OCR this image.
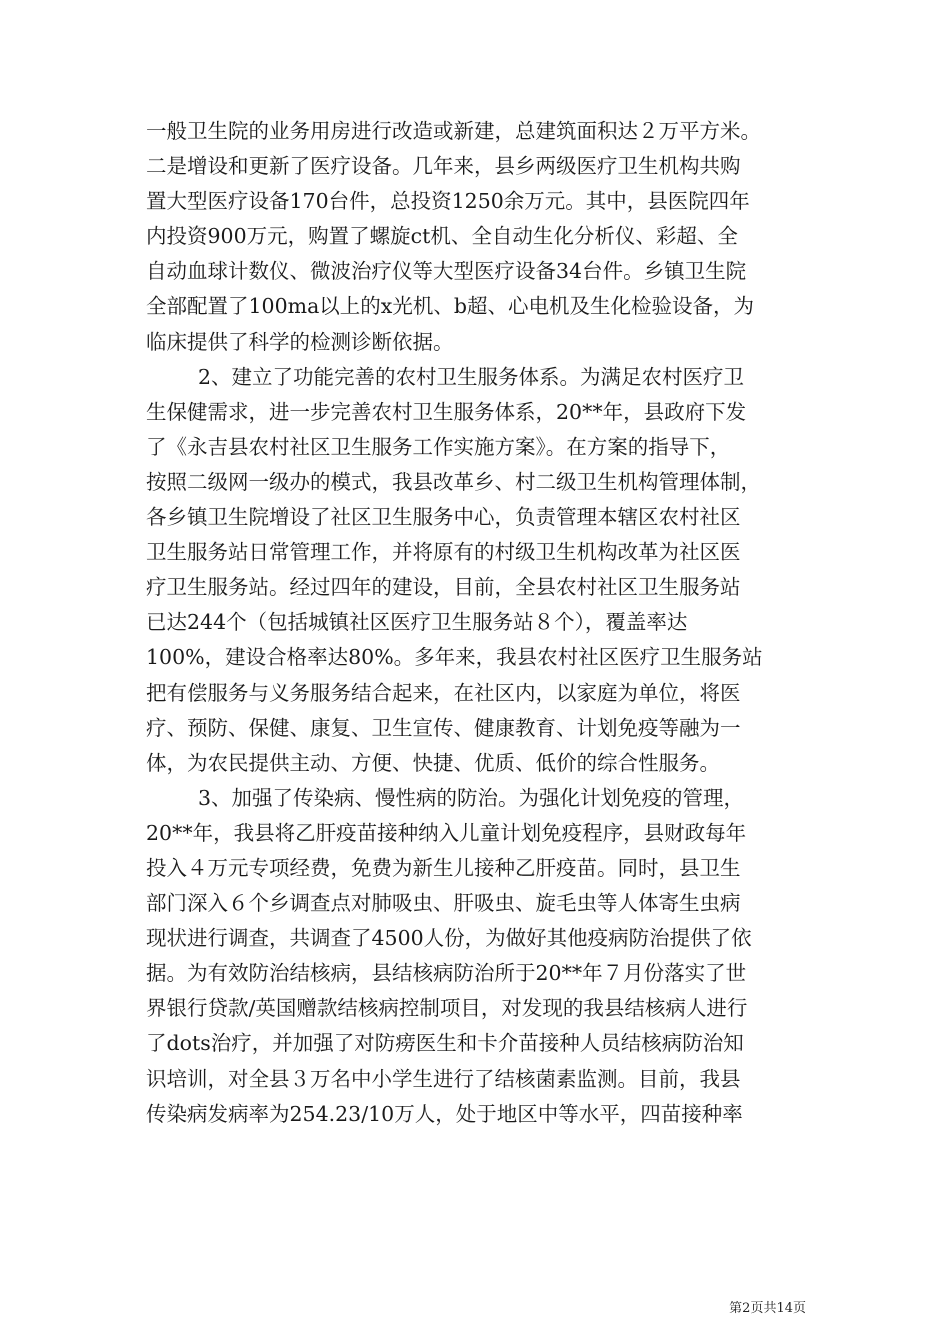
一般卫生院的业务用房进行改造或新建，总建筑面积达２万平方米。
二是增设和更新了医疗设备。几年来，县乡两级医疗卫生机构共购
置大型医疗设备170台件，总投资1250余万元。其中，县医院四年
内投资900万元，购置了螺旋ct机、全自动生化分析仪、彩超、全
自动血球计数仪、微波治疗仪等大型医疗设备34台件。乡镇卫生院
全部配置了100ma以上的x光机、b超、心电机及生化检验设备，为
临床提供了科学的检测诊断依据。
2、建立了功能完善的农村卫生服务体系。为满足农村医疗卫
生保健需求，进一步完善农村卫生服务体系，20**年，县政府下发
了《永吉县农村社区卫生服务工作实施方案》。在方案的指导下，
按照二级网一级办的模式，我县改革乡、村二级卫生机构管理体制，
各乡镇卫生院增设了社区卫生服务中心，负责管理本辖区农村社区
卫生服务站日常管理工作，并将原有的村级卫生机构改革为社区医
疗卫生服务站。经过四年的建设，目前，全县农村社区卫生服务站
已达244个（包括城镇社区医疗卫生服务站８个），覆盖率达
100%，建设合格率达80%。多年来，我县农村社区医疗卫生服务站
把有偿服务与义务服务结合起来，在社区内，以家庭为单位，将医
疗、预防、保健、康复、卫生宣传、健康教育、计划免疫等融为一
体，为农民提供主动、方便、快捷、优质、低价的综合性服务。
3、加强了传染病、慢性病的防治。为强化计划免疫的管理，
20**年，我县将乙肝疫苗接种纳入儿童计划免疫程序，县财政每年
投入４万元专项经费，免费为新生儿接种乙肝疫苗。同时，县卫生
部门深入６个乡调查点对肺吸虫、肝吸虫、旋毛虫等人体寄生虫病
现状进行调查，共调查了4500人份，为做好其他疫病防治提供了依
据。为有效防治结核病，县结核病防治所于20**年７月份落实了世
界银行贷款/英国赠款结核病控制项目，对发现的我县结核病人进行
了dots治疗，并加强了对防痨医生和卡介苗接种人员结核病防治知
识培训，对全县３万名中小学生进行了结核菌素监测。目前，我县
传染病发病率为254.23/10万人，处于地区中等水平，四苗接种率
第2页共14页
